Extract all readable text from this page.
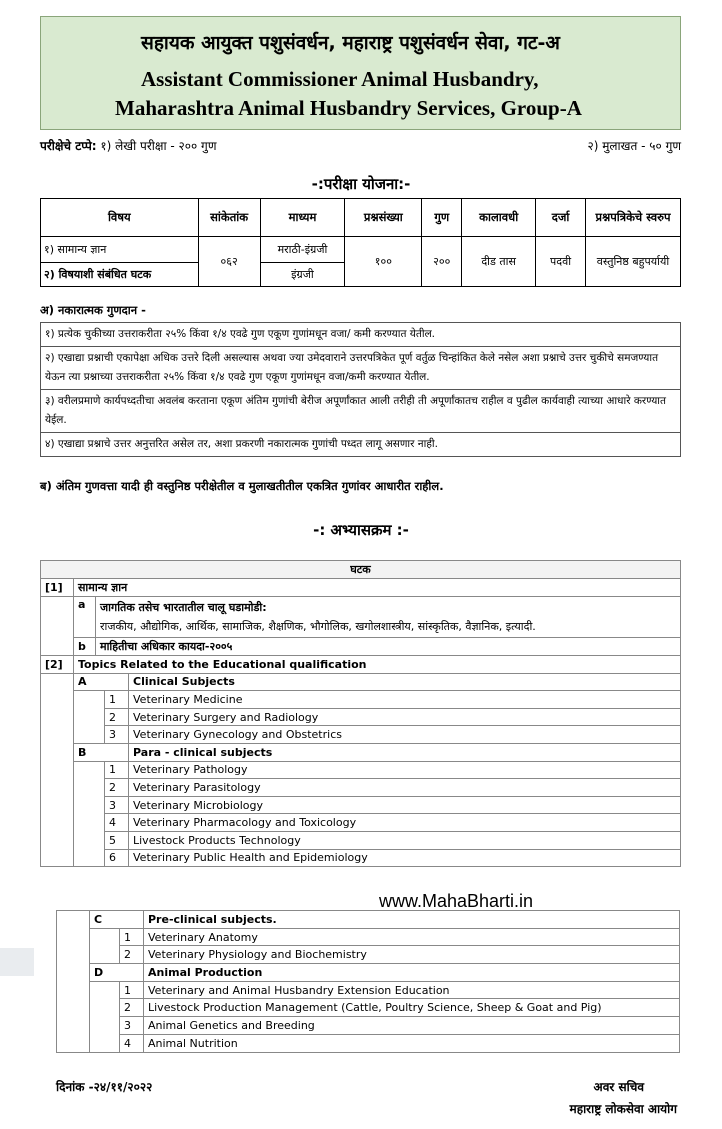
सहायक आयुक्त पशुसंवर्धन, महाराष्ट्र पशुसंवर्धन सेवा, गट-अ
Assistant Commissioner Animal Husbandry,
Maharashtra Animal Husbandry Services, Group-A
परीक्षेचे टप्पे: १) लेखी परीक्षा - २०० गुण	२) मुलाखत - ५० गुण
-:परीक्षा योजना:-
विषय	सांकेतांक	माध्यम	प्रश्नसंख्या	गुण	कालावधी	दर्जा	प्रश्नपत्रिकेचे स्वरुप
१) सामान्य ज्ञान	०६२	मराठी-इंग्रजी	१००	२००	दीड तास	पदवी	वस्तुनिष्ठ बहुपर्यायी
२) विषयाशी संबंधित घटक		इंग्रजी					
अ) नकारात्मक गुणदान -
१) प्रत्येक चुकीच्या उत्तराकरीता २५% किंवा १/४ एवढे गुण एकूण गुणांमधून वजा/ कमी करण्यात येतील.
२) एखाद्या प्रश्नाची एकापेक्षा अधिक उत्तरे दिली असल्यास अथवा ज्या उमेदवाराने उत्तरपत्रिकेत पूर्ण वर्तुळ चिन्हांकित केले नसेल अशा प्रश्नाचे उत्तर चुकीचे समजण्यात येऊन त्या प्रश्नाच्या उत्तराकरीता २५% किंवा १/४ एवढे गुण एकूण गुणांमधून वजा/कमी करण्यात येतील.
३) वरीलप्रमाणे कार्यपध्दतीचा अवलंब करताना एकूण अंतिम गुणांची बेरीज अपूर्णांकात आली तरीही ती अपूर्णांकातच राहील व पुढील कार्यवाही त्याच्या आधारे करण्यात येईल.
४) एखाद्या प्रश्नाचे उत्तर अनुत्तरित असेल तर, अशा प्रकरणी नकारात्मक गुणांची पध्दत लागू असणार नाही.
ब) अंतिम गुणवत्ता यादी ही वस्तुनिष्ठ परीक्षेतील व मुलाखतीतील एकत्रित गुणांवर आधारीत राहील.
-: अभ्यासक्रम :-
घटक				
[1]	सामान्य ज्ञान			
	a	जागतिक तसेच भारतातील चालू घडामोडी:
राजकीय, औद्योगिक, आर्थिक, सामाजिक, शैक्षणिक, भौगोलिक, खगोलशास्त्रीय, सांस्कृतिक, वैज्ञानिक, इत्यादी.		

	b	माहितीचा अधिकार कायदा-२००५		
[2]	Topics Related to the Educational qualification			
	A			Clinical Subjects
			1	Veterinary Medicine
			2	Veterinary Surgery and Radiology
			3	Veterinary Gynecology and Obstetrics
	B			Para - clinical subjects
			1	Veterinary Pathology
			2	Veterinary Parasitology
			3	Veterinary Microbiology
			4	Veterinary Pharmacology and Toxicology
			5	Livestock Products Technology
			6	Veterinary Public Health and Epidemiology
www.MahaBharti.in
	C		Pre-clinical subjects.
		1	Veterinary Anatomy
		2	Veterinary Physiology and Biochemistry
	D		Animal Production
		1	Veterinary and Animal Husbandry Extension Education
		2	Livestock Production Management (Cattle, Poultry Science, Sheep & Goat and Pig)
		3	Animal Genetics and Breeding
		4	Animal Nutrition
दिनांक -२४/११/२०२२	अवर सचिव
महाराष्ट्र लोकसेवा आयोग
